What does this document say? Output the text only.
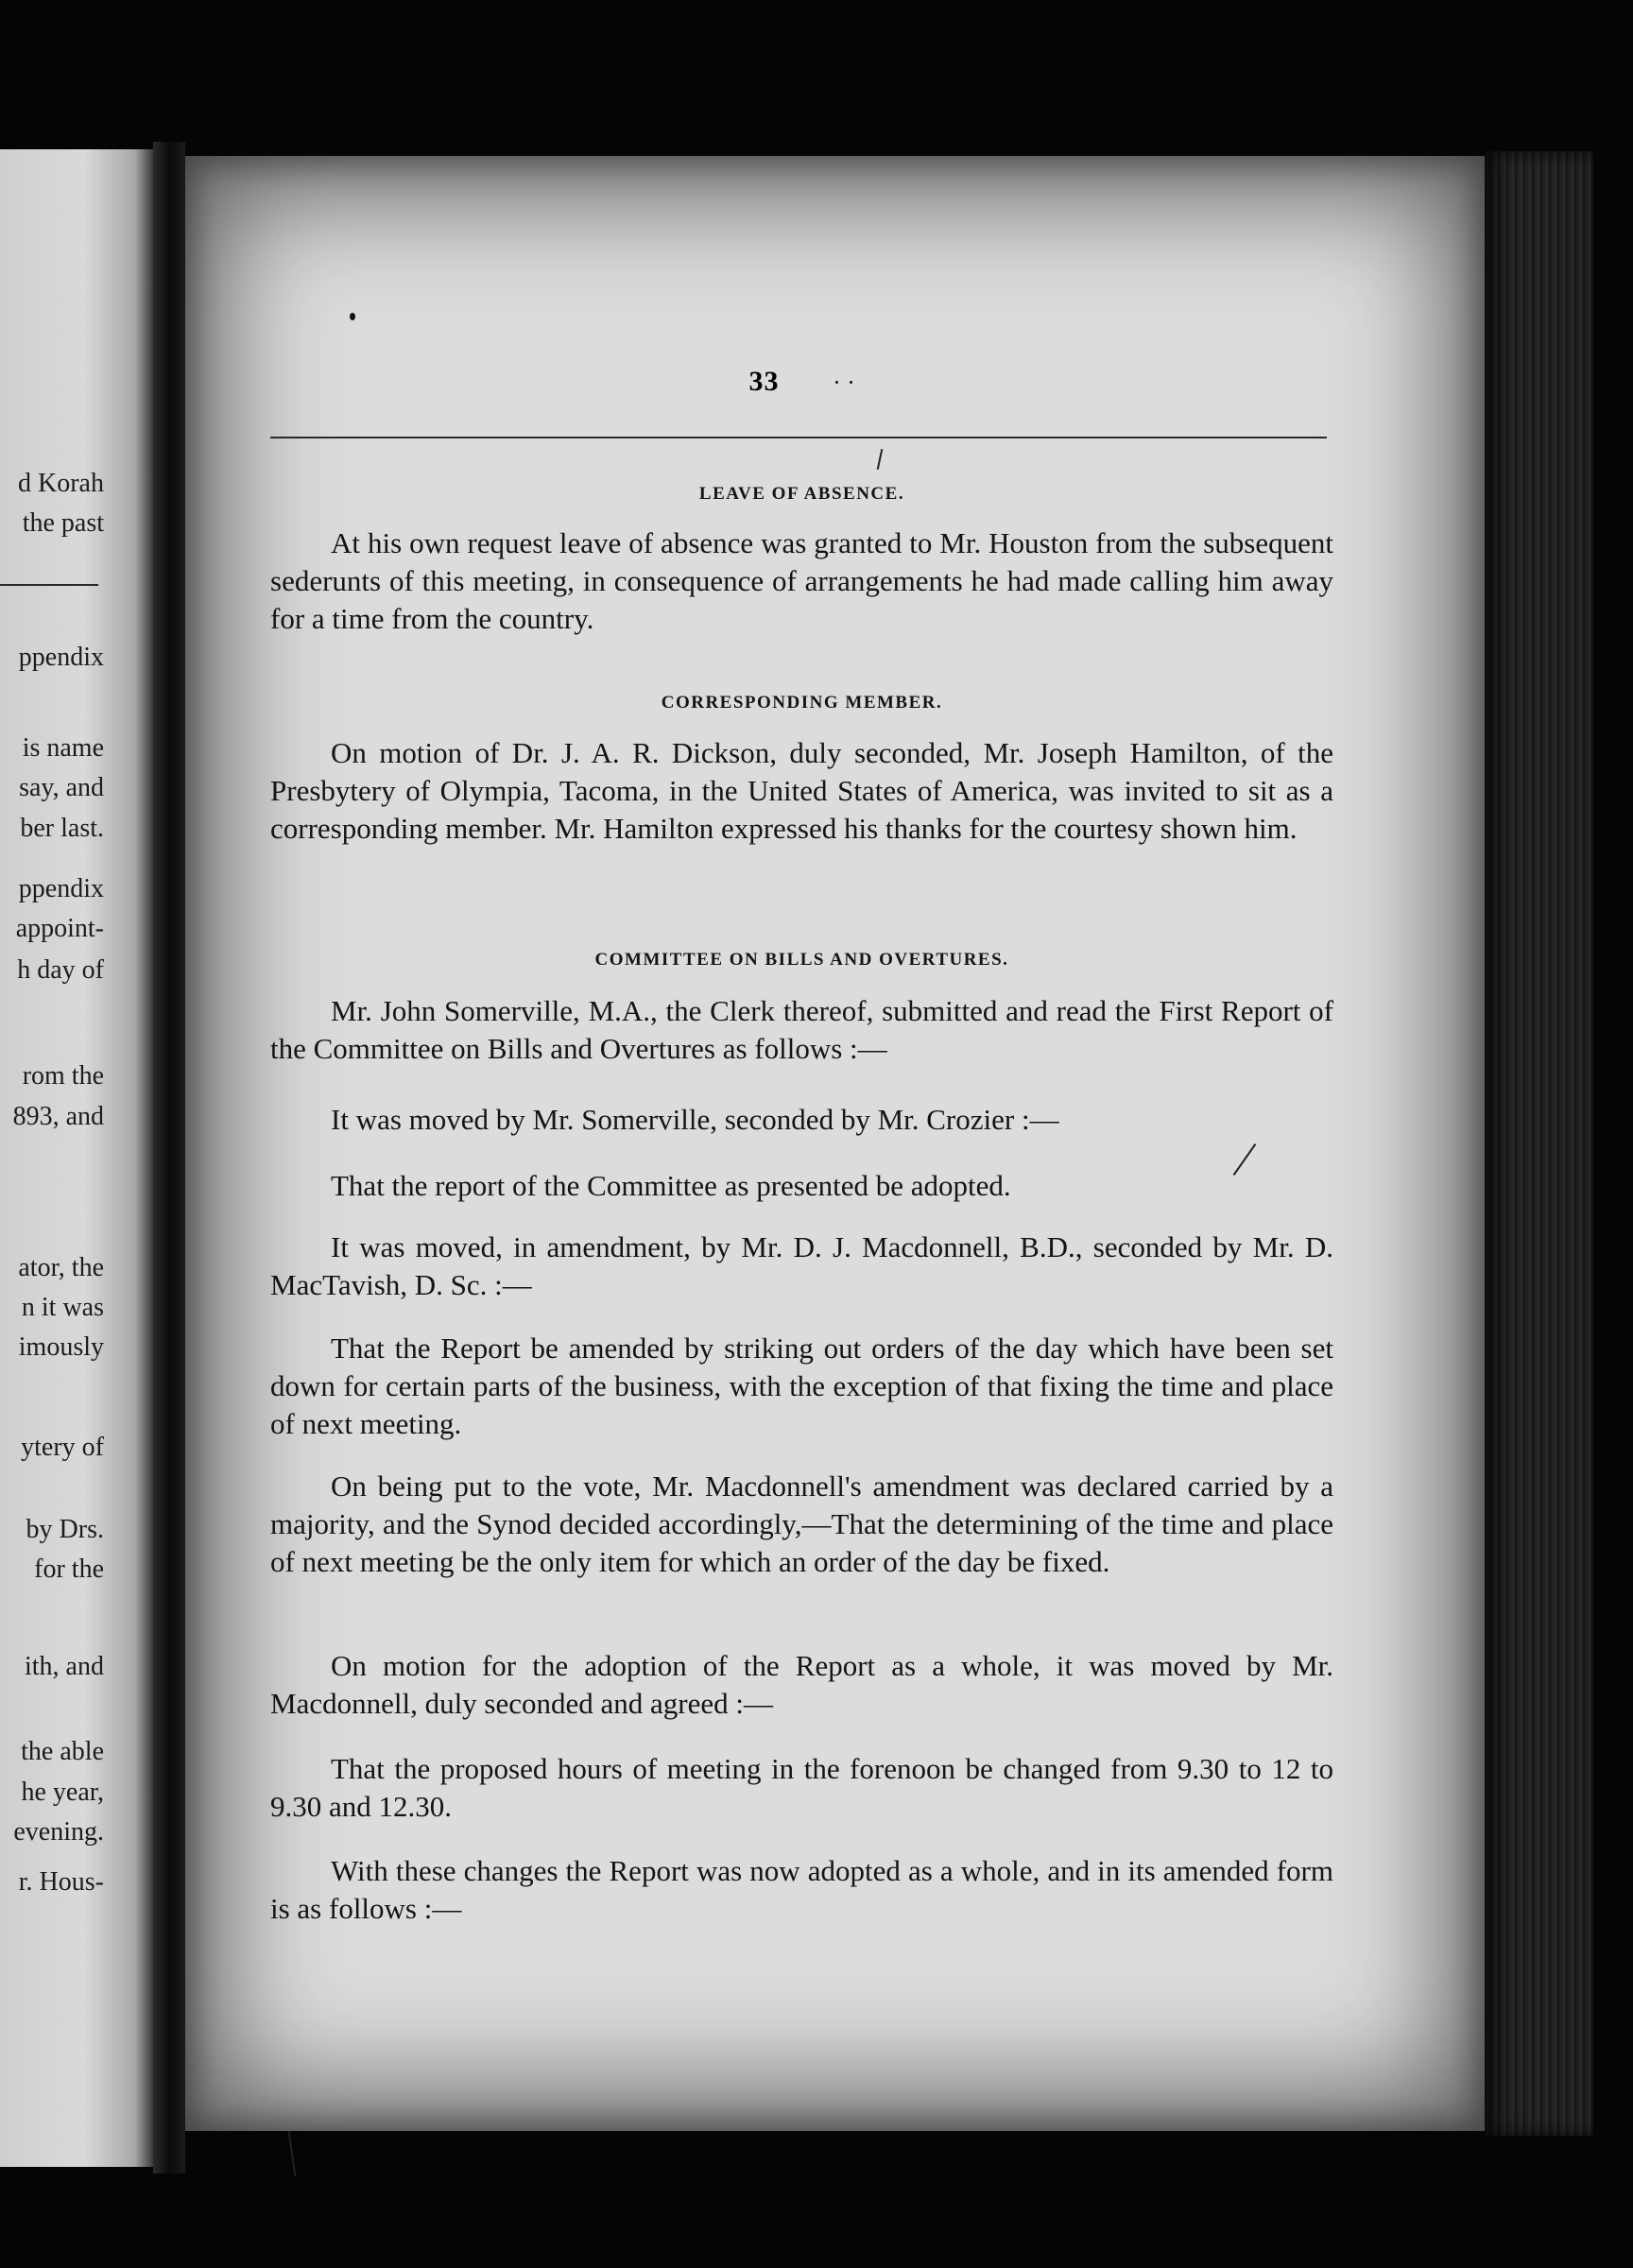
d Korah
the past
ppendix
is name
say, and
ber last.
ppendix
appoint-
h day of
rom the
893, and
ator, the
n it was
imously
ytery of
by Drs.
for the
ith, and
the able
he year,
evening.
r. Hous-
33
LEAVE OF ABSENCE.

At his own request leave of absence was granted to Mr. Houston from the subsequent sederunts of this meeting, in consequence of arrangements he had made calling him away for a time from the country.

CORRESPONDING MEMBER.

On motion of Dr. J. A. R. Dickson, duly seconded, Mr. Joseph Hamilton, of the Presbytery of Olympia, Tacoma, in the United States of America, was invited to sit as a corresponding member. Mr. Hamilton expressed his thanks for the courtesy shown him.

COMMITTEE ON BILLS AND OVERTURES.

Mr. John Somerville, M.A., the Clerk thereof, submitted and read the First Report of the Committee on Bills and Overtures as follows :—

It was moved by Mr. Somerville, seconded by Mr. Crozier :—

That the report of the Committee as presented be adopted.

It was moved, in amendment, by Mr. D. J. Macdonnell, B.D., seconded by Mr. D. MacTavish, D. Sc. :—

That the Report be amended by striking out orders of the day which have been set down for certain parts of the business, with the exception of that fixing the time and place of next meeting.

On being put to the vote, Mr. Macdonnell's amendment was declared carried by a majority, and the Synod decided accordingly,—That the determining of the time and place of next meeting be the only item for which an order of the day be fixed.

On motion for the adoption of the Report as a whole, it was moved by Mr. Macdonnell, duly seconded and agreed :—

That the proposed hours of meeting in the forenoon be changed from 9.30 to 12 to 9.30 and 12.30.

With these changes the Report was now adopted as a whole, and in its amended form is as follows :—
